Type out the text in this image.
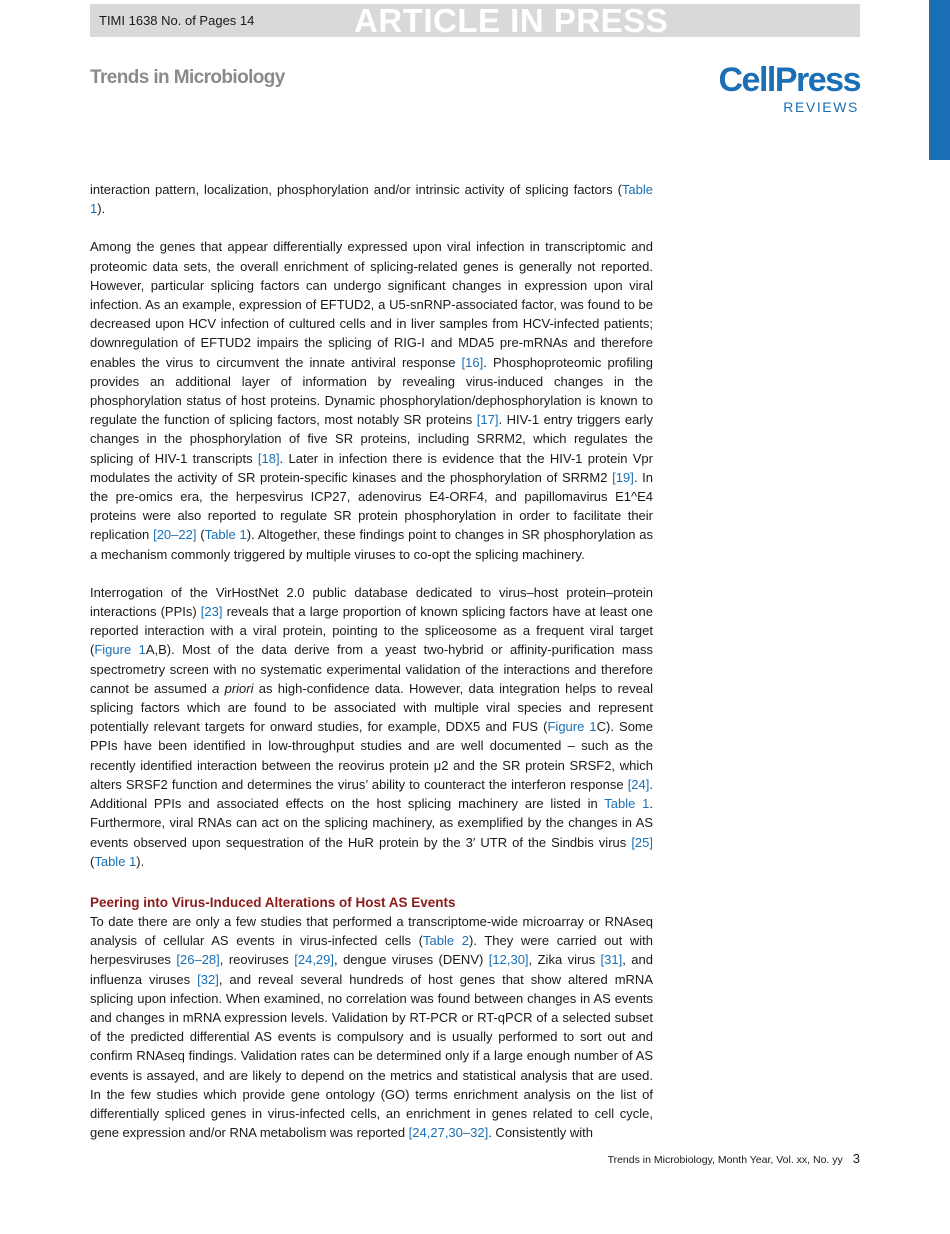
TIMI 1638 No. of Pages 14	ARTICLE IN PRESS
Trends in Microbiology	CellPress
REVIEWS

interaction pattern, localization, phosphorylation and/or intrinsic activity of splicing factors (Table 1).

Among the genes that appear differentially expressed upon viral infection in transcriptomic and proteomic data sets, the overall enrichment of splicing-related genes is generally not reported. However, particular splicing factors can undergo significant changes in expression upon viral infection. As an example, expression of EFTUD2, a U5-snRNP-associated factor, was found to be decreased upon HCV infection of cultured cells and in liver samples from HCV-infected patients; downregulation of EFTUD2 impairs the splicing of RIG-I and MDA5 pre-mRNAs and therefore enables the virus to circumvent the innate antiviral response [16]. Phosphoproteomic profiling provides an additional layer of information by revealing virus-induced changes in the phosphorylation status of host proteins. Dynamic phosphorylation/dephosphorylation is known to regulate the function of splicing factors, most notably SR proteins [17]. HIV-1 entry triggers early changes in the phosphorylation of five SR proteins, including SRRM2, which regulates the splicing of HIV-1 transcripts [18]. Later in infection there is evidence that the HIV-1 protein Vpr modulates the activity of SR protein-specific kinases and the phosphorylation of SRRM2 [19]. In the pre-omics era, the herpesvirus ICP27, adenovirus E4-ORF4, and papillomavirus E1^E4 proteins were also reported to regulate SR protein phosphorylation in order to facilitate their replication [20–22] (Table 1). Altogether, these findings point to changes in SR phosphorylation as a mechanism commonly triggered by multiple viruses to co-opt the splicing machinery.

Interrogation of the VirHostNet 2.0 public database dedicated to virus–host protein–protein interactions (PPIs) [23] reveals that a large proportion of known splicing factors have at least one reported interaction with a viral protein, pointing to the spliceosome as a frequent viral target (Figure 1A,B). Most of the data derive from a yeast two-hybrid or affinity-purification mass spectrometry screen with no systematic experimental validation of the interactions and therefore cannot be assumed a priori as high-confidence data. However, data integration helps to reveal splicing factors which are found to be associated with multiple viral species and represent potentially relevant targets for onward studies, for example, DDX5 and FUS (Figure 1C). Some PPIs have been identified in low-throughput studies and are well documented – such as the recently identified interaction between the reovirus protein μ2 and the SR protein SRSF2, which alters SRSF2 function and determines the virus’ ability to counteract the interferon response [24]. Additional PPIs and associated effects on the host splicing machinery are listed in Table 1. Furthermore, viral RNAs can act on the splicing machinery, as exemplified by the changes in AS events observed upon sequestration of the HuR protein by the 3′ UTR of the Sindbis virus [25] (Table 1).

Peering into Virus-Induced Alterations of Host AS Events

To date there are only a few studies that performed a transcriptome-wide microarray or RNAseq analysis of cellular AS events in virus-infected cells (Table 2). They were carried out with herpesviruses [26–28], reoviruses [24,29], dengue viruses (DENV) [12,30], Zika virus [31], and influenza viruses [32], and reveal several hundreds of host genes that show altered mRNA splicing upon infection. When examined, no correlation was found between changes in AS events and changes in mRNA expression levels. Validation by RT-PCR or RT-qPCR of a selected subset of the predicted differential AS events is compulsory and is usually performed to sort out and confirm RNAseq findings. Validation rates can be determined only if a large enough number of AS events is assayed, and are likely to depend on the metrics and statistical analysis that are used. In the few studies which provide gene ontology (GO) terms enrichment analysis on the list of differentially spliced genes in virus-infected cells, an enrichment in genes related to cell cycle, gene expression and/or RNA metabolism was reported [24,27,30–32]. Consistently with

Trends in Microbiology, Month Year, Vol. xx, No. yy 3
